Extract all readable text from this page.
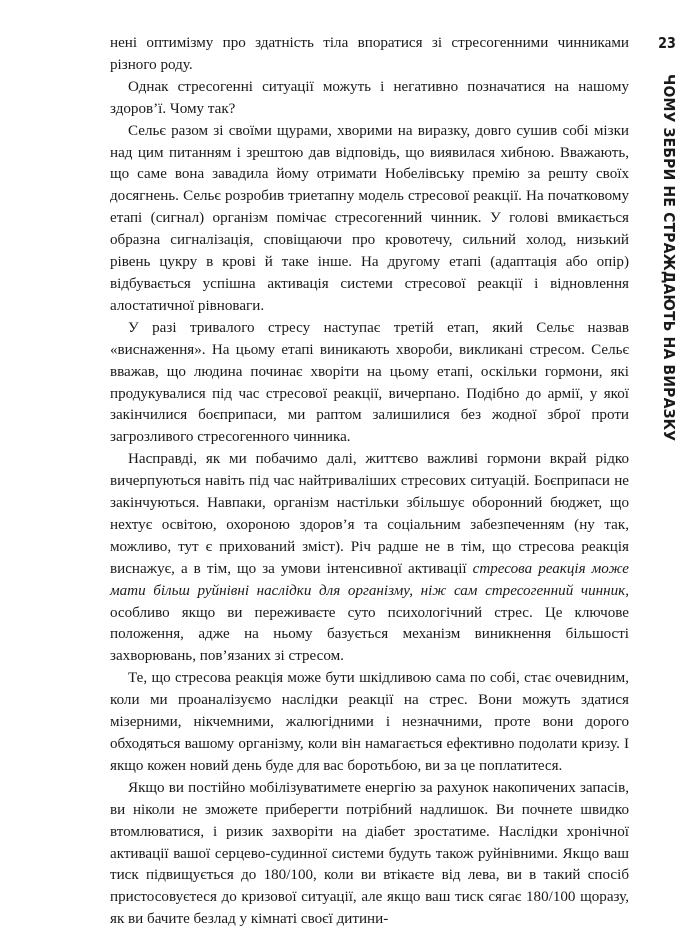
23
ЧОМУ ЗЕБРИ НЕ СТРАЖДАЮТЬ НА ВИРАЗКУ

нені оптимізму про здатність тіла впоратися зі стресогенними чинниками різного роду.

Однак стресогенні ситуації можуть і негативно позначатися на нашому здоров’ї. Чому так?

Сельє разом зі своїми щурами, хворими на виразку, довго сушив собі мізки над цим питанням і зрештою дав відповідь, що виявилася хибною. Вважають, що саме вона завадила йому отримати Нобелівську премію за решту своїх досягнень. Сельє розробив триетапну модель стресової реакції. На початковому етапі (сигнал) організм помічає стресогенний чинник. У голові вмикається образна сигналізація, сповіщаючи про кровотечу, сильний холод, низький рівень цукру в крові й таке інше. На другому етапі (адаптація або опір) відбувається успішна активація системи стресової реакції і відновлення алостатичної рівноваги.

У разі тривалого стресу наступає третій етап, який Сельє назвав «виснаження». На цьому етапі виникають хвороби, викликані стресом. Сельє вважав, що людина починає хворіти на цьому етапі, оскільки гормони, які продукувалися під час стресової реакції, вичерпано. Подібно до армії, у якої закінчилися боєприпаси, ми раптом залишилися без жодної зброї проти загрозливого стресогенного чинника.

Насправді, як ми побачимо далі, життєво важливі гормони вкрай рідко вичерпуються навіть під час найтриваліших стресових ситуацій. Боєприпаси не закінчуються. Навпаки, організм настільки збільшує оборонний бюджет, що нехтує освітою, охороною здоров’я та соціальним забезпеченням (ну так, можливо, тут є прихований зміст). Річ радше не в тім, що стресова реакція виснажує, а в тім, що за умови інтенсивної активації стресова реакція може мати більш руйнівні наслідки для організму, ніж сам стресогенний чинник, особливо якщо ви переживаєте суто психологічний стрес. Це ключове положення, адже на ньому базується механізм виникнення більшості захворювань, пов’язаних зі стресом.

Те, що стресова реакція може бути шкідливою сама по собі, стає очевидним, коли ми проаналізуємо наслідки реакції на стрес. Вони можуть здатися мізерними, нікчемними, жалюгідними і незначними, проте вони дорого обходяться вашому організму, коли він намагається ефективно подолати кризу. І якщо кожен новий день буде для вас боротьбою, ви за це поплатитеся.

Якщо ви постійно мобілізуватимете енергію за рахунок накопичених запасів, ви ніколи не зможете приберегти потрібний надлишок. Ви почнете швидко втомлюватися, і ризик захворіти на діабет зростатиме. Наслідки хронічної активації вашої серцево-судинної системи будуть також руйнівними. Якщо ваш тиск підвищується до 180/100, коли ви втікаєте від лева, ви в такий спосіб пристосовуєтеся до кризової ситуації, але якщо ваш тиск сягає 180/100 щоразу, як ви бачите безлад у кімнаті своєї дитини-
